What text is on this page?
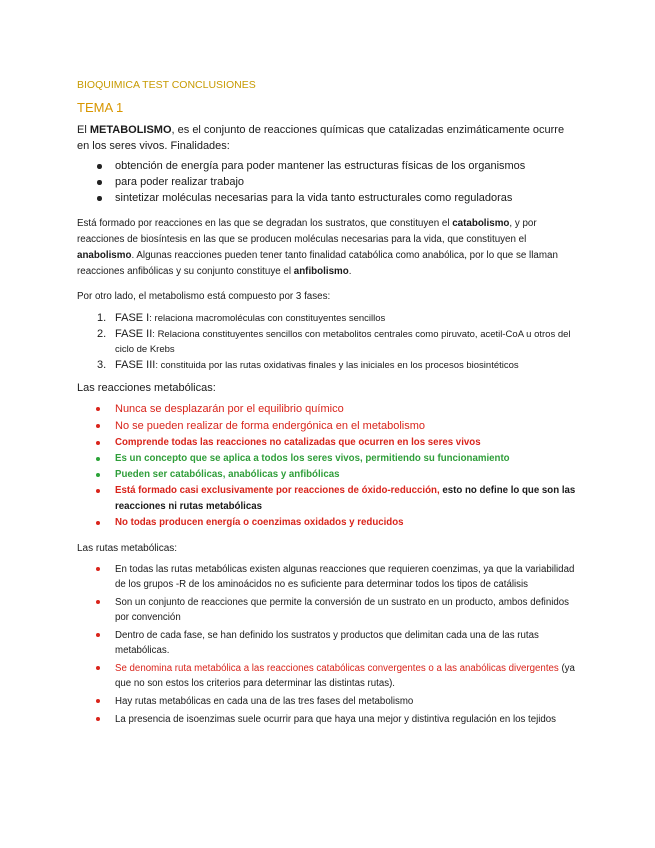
BIOQUIMICA TEST CONCLUSIONES

TEMA 1

El METABOLISMO, es el conjunto de reacciones químicas que catalizadas enzimáticamente ocurre en los seres vivos. Finalidades:

obtención de energía para poder mantener las estructuras físicas de los organismos
para poder realizar trabajo
sintetizar moléculas necesarias para la vida tanto estructurales como reguladoras

Está formado por reacciones en las que se degradan los sustratos, que constituyen el catabolismo, y por reacciones de biosíntesis en las que se producen moléculas necesarias para la vida, que constituyen el anabolismo. Algunas reacciones pueden tener tanto finalidad catabólica como anabólica, por lo que se llaman reacciones anfibólicas y su conjunto constituye el anfibolismo.

Por otro lado, el metabolismo está compuesto por 3 fases:

1. FASE I: relaciona macromoléculas con constituyentes sencillos
2. FASE II: Relaciona constituyentes sencillos con metabolitos centrales como piruvato, acetil-CoA u otros del ciclo de Krebs
3. FASE III: constituida por las rutas oxidativas finales y las iniciales en los procesos biosintéticos

Las reacciones metabólicas:

Nunca se desplazarán por el equilibrio químico
No se pueden realizar de forma endergónica en el metabolismo
Comprende todas las reacciones no catalizadas que ocurren en los seres vivos
Es un concepto que se aplica a todos los seres vivos, permitiendo su funcionamiento
Pueden ser catabólicas, anabólicas y anfibólicas
Está formado casi exclusivamente por reacciones de óxido-reducción, esto no define lo que son las reacciones ni rutas metabólicas
No todas producen energía o coenzimas oxidados y reducidos

Las rutas metabólicas:

En todas las rutas metabólicas existen algunas reacciones que requieren coenzimas, ya que la variabilidad de los grupos -R de los aminoácidos no es suficiente para determinar todos los tipos de catálisis
Son un conjunto de reacciones que permite la conversión de un sustrato en un producto, ambos definidos por convención
Dentro de cada fase, se han definido los sustratos y productos que delimitan cada una de las rutas metabólicas.
Se denomina ruta metabólica a las reacciones catabólicas convergentes o a las anabólicas divergentes (ya que no son estos los criterios para determinar las distintas rutas).
Hay rutas metabólicas en cada una de las tres fases del metabolismo
La presencia de isoenzimas suele ocurrir para que haya una mejor y distintiva regulación en los tejidos
